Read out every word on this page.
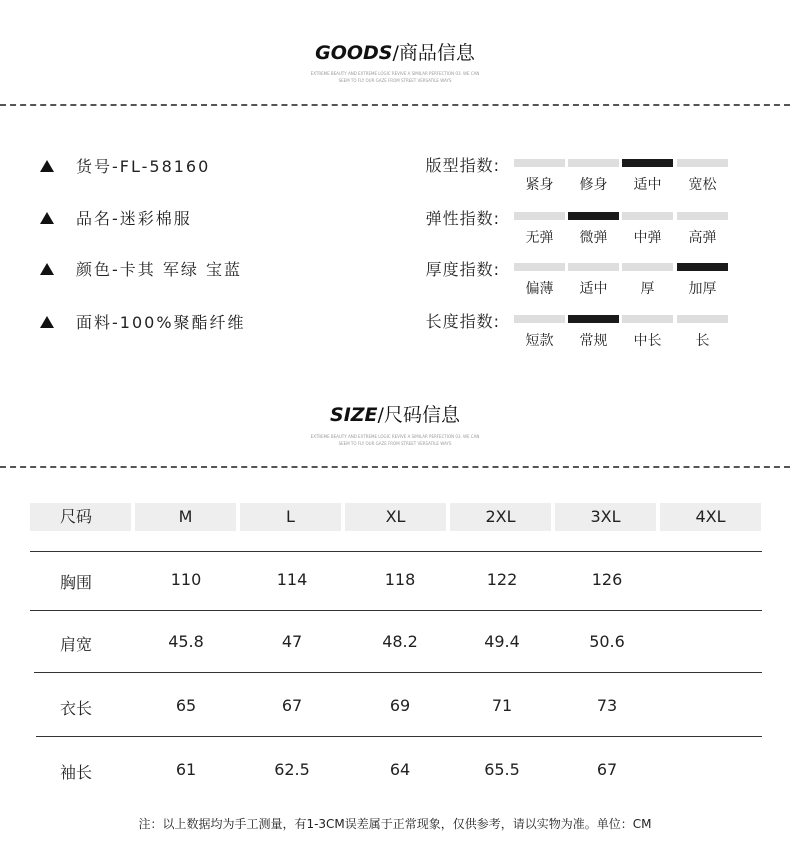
GOODS/商品信息
EXTREME BEAUTY AND EXTREME LOGIC REVIVE A SIMILAR PERFECTION 03. WE CAN
SEEM TO FLY OUR GAZE FROM STREET VERSATILE WAYS
货号-FL-58160
品名-迷彩棉服
颜色-卡其 军绿 宝蓝
面料-100%聚酯纤维
版型指数:
紧身	修身	适中	宽松
弹性指数:
无弹	微弹	中弹	高弹
厚度指数:
偏薄	适中	厚	加厚
长度指数:
短款	常规	中长	长
SIZE/尺码信息
EXTREME BEAUTY AND EXTREME LOGIC REVIVE A SIMILAR PERFECTION 03. WE CAN
SEEM TO FLY OUR GAZE FROM STREET VERSATILE WAYS
尺码	M	L	XL	2XL	3XL	4XL
胸围	110	114	118	122	126
肩宽	45.8	47	48.2	49.4	50.6
衣长	65	67	69	71	73
袖长	61	62.5	64	65.5	67
注：以上数据均为手工测量，有1-3CM误差属于正常现象，仅供参考，请以实物为准。单位：CM
